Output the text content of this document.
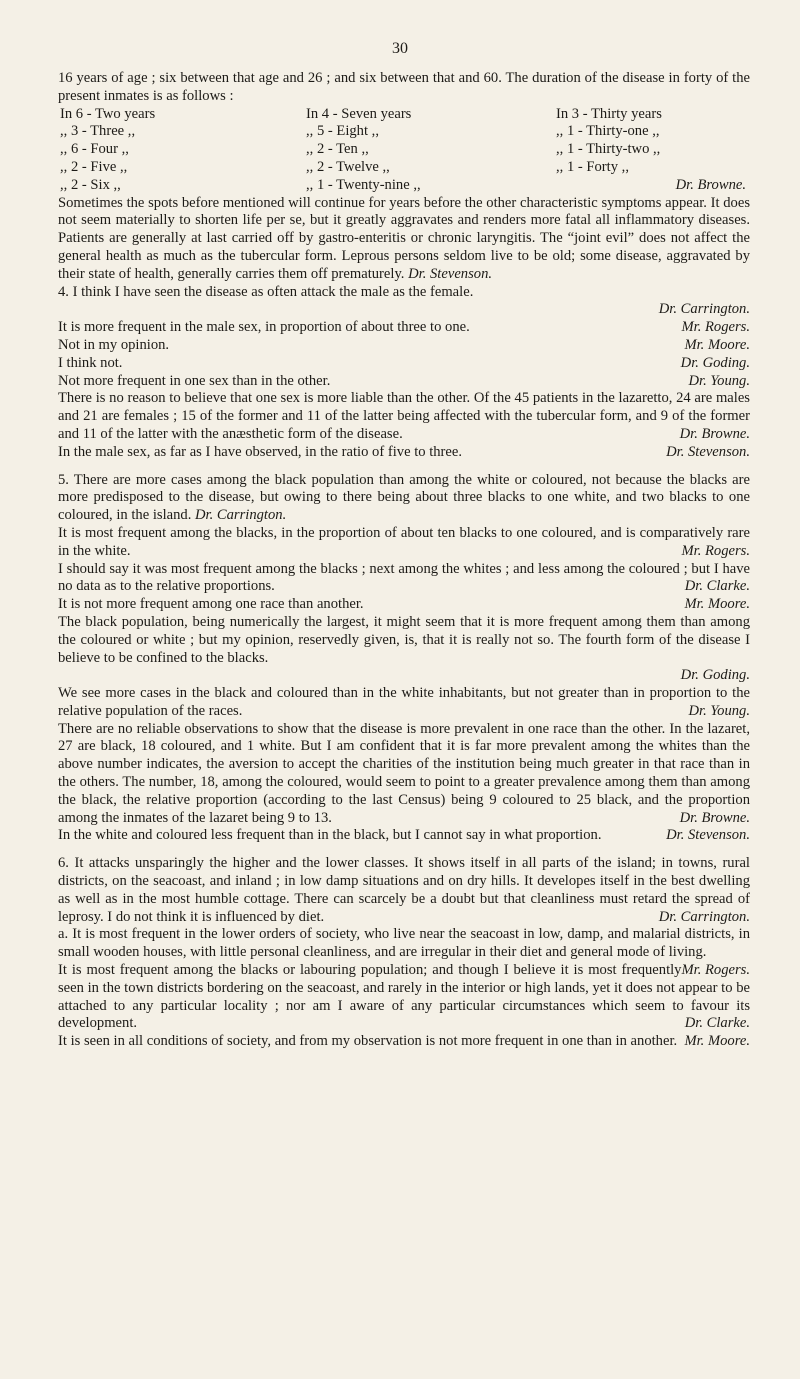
30

16 years of age ; six between that age and 26 ; and six between that and 60. The duration of the disease in forty of the present inmates is as follows :

In 6 - Two years	In 4 - Seven years	In 3 - Thirty years
,, 3 - Three ,,	,, 5 - Eight ,,	,, 1 - Thirty-one ,,
,, 6 - Four ,,	,, 2 - Ten ,,	,, 1 - Thirty-two ,,
,, 2 - Five ,,	,, 2 - Twelve ,,	,, 1 - Forty ,,
,, 2 - Six ,,	,, 1 - Twenty-nine ,,	Dr. Browne.

Sometimes the spots before mentioned will continue for years before the other characteristic symptoms appear. It does not seem materially to shorten life per se, but it greatly aggravates and renders more fatal all inflammatory diseases. Patients are generally at last carried off by gastro-enteritis or chronic laryngitis. The “joint evil” does not affect the general health as much as the tubercular form. Leprous persons seldom live to be old; some disease, aggravated by their state of health, generally carries them off prematurely. Dr. Stevenson.

4. I think I have seen the disease as often attack the male as the female.

Dr. Carrington.

It is more frequent in the male sex, in proportion of about three to one.	Mr. Rogers.
Not in my opinion.	Mr. Moore.
I think not.	Dr. Goding.
Not more frequent in one sex than in the other.	Dr. Young.

There is no reason to believe that one sex is more liable than the other. Of the 45 patients in the lazaretto, 24 are males and 21 are females ; 15 of the former and 11 of the latter being affected with the tubercular form, and 9 of the former and 11 of the latter with the anæsthetic form of the disease.	Dr. Browne.

In the male sex, as far as I have observed, in the ratio of five to three.	Dr. Stevenson.

5. There are more cases among the black population than among the white or coloured, not because the blacks are more predisposed to the disease, but owing to there being about three blacks to one white, and two blacks to one coloured, in the island. Dr. Carrington.

It is most frequent among the blacks, in the proportion of about ten blacks to one coloured, and is comparatively rare in the white.	Mr. Rogers.

I should say it was most frequent among the blacks ; next among the whites ; and less among the coloured ; but I have no data as to the relative proportions.	Dr. Clarke.

It is not more frequent among one race than another.	Mr. Moore.

The black population, being numerically the largest, it might seem that it is more frequent among them than among the coloured or white ; but my opinion, reservedly given, is, that it is really not so. The fourth form of the disease I believe to be confined to the blacks.

Dr. Goding.

We see more cases in the black and coloured than in the white inhabitants, but not greater than in proportion to the relative population of the races.	Dr. Young.

There are no reliable observations to show that the disease is more prevalent in one race than the other. In the lazaret, 27 are black, 18 coloured, and 1 white. But I am confident that it is far more prevalent among the whites than the above number indicates, the aversion to accept the charities of the institution being much greater in that race than in the others. The number, 18, among the coloured, would seem to point to a greater prevalence among them than among the black, the relative proportion (according to the last Census) being 9 coloured to 25 black, and the proportion among the inmates of the lazaret being 9 to 13.	Dr. Browne.

In the white and coloured less frequent than in the black, but I cannot say in what proportion.	Dr. Stevenson.

6. It attacks unsparingly the higher and the lower classes. It shows itself in all parts of the island; in towns, rural districts, on the seacoast, and inland ; in low damp situations and on dry hills. It developes itself in the best dwelling as well as in the most humble cottage. There can scarcely be a doubt but that cleanliness must retard the spread of leprosy. I do not think it is influenced by diet.	Dr. Carrington.

a. It is most frequent in the lower orders of society, who live near the seacoast in low, damp, and malarial districts, in small wooden houses, with little personal cleanliness, and are irregular in their diet and general mode of living.
Mr. Rogers.

It is most frequent among the blacks or labouring population; and though I believe it is most frequently seen in the town districts bordering on the seacoast, and rarely in the interior or high lands, yet it does not appear to be attached to any particular locality ; nor am I aware of any particular circumstances which seem to favour its development.	Dr. Clarke.

It is seen in all conditions of society, and from my observation is not more frequent in one than in another. Mr. Moore.
